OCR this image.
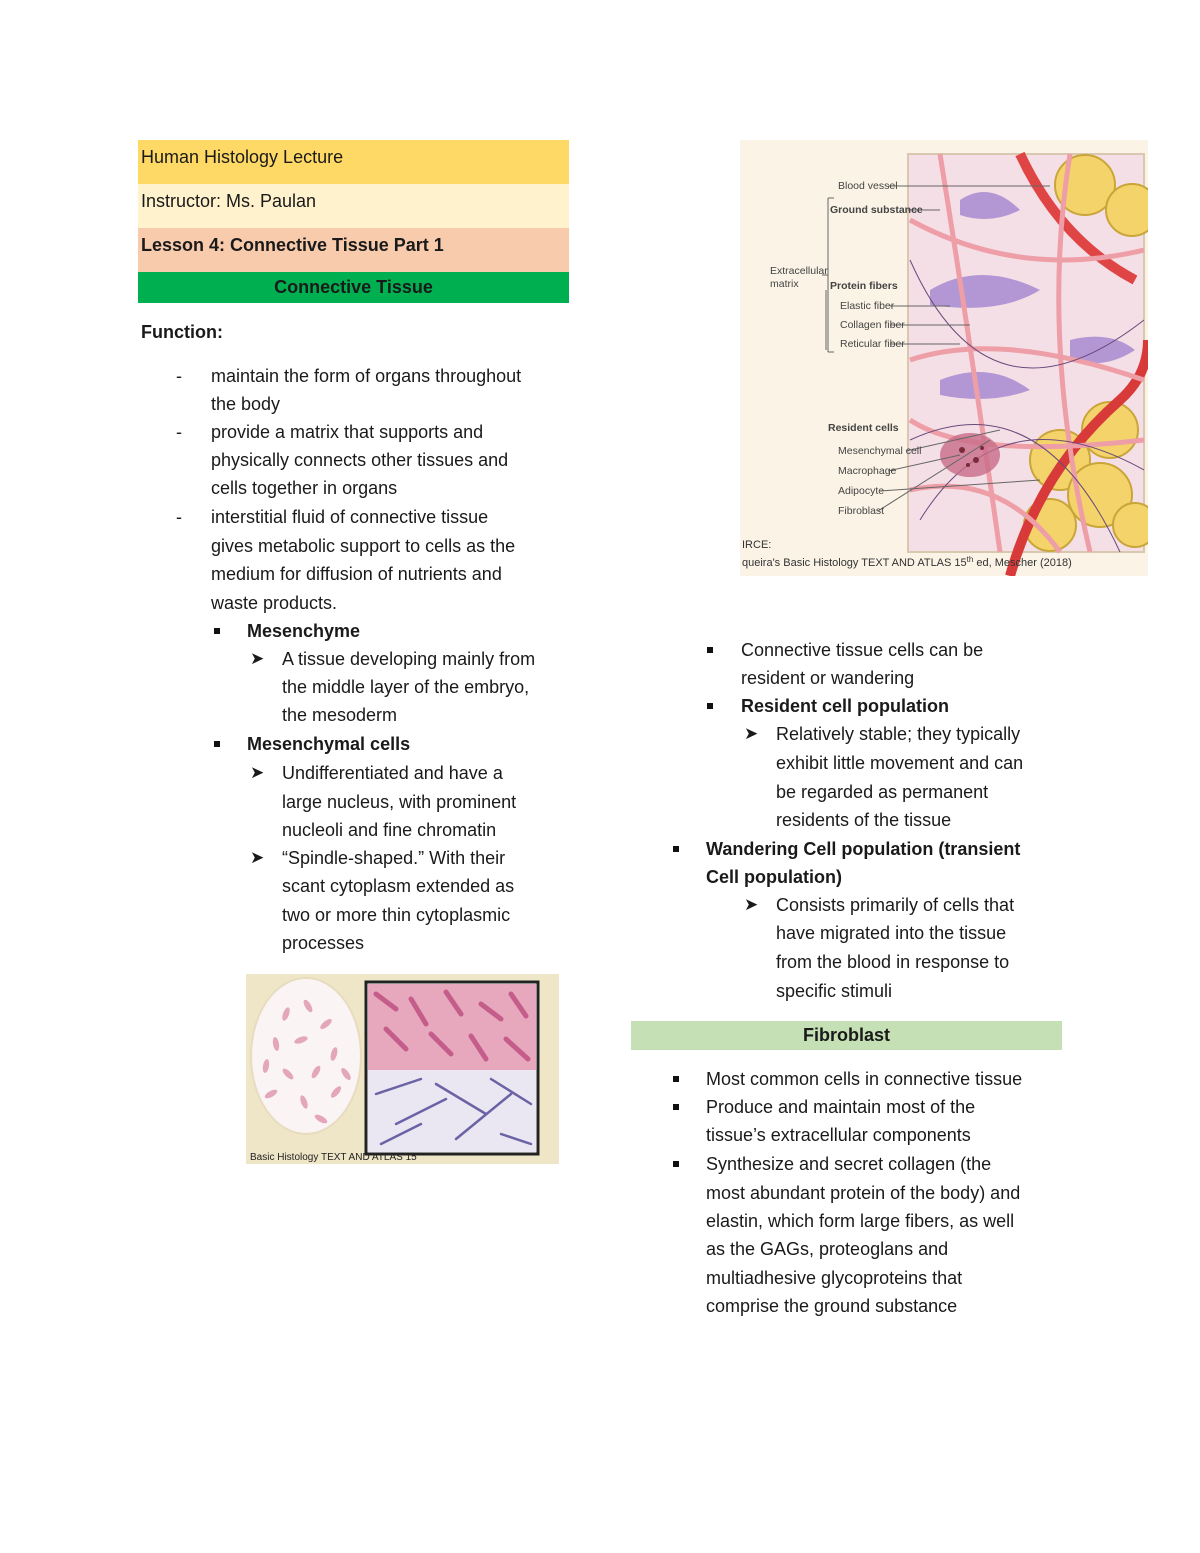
Human Histology Lecture
Instructor: Ms. Paulan
Lesson 4: Connective Tissue Part 1
Connective Tissue
Function:
- maintain the form of organs throughout
the body
- provide a matrix that supports and
physically connects other tissues and
cells together in organs
- interstitial fluid of connective tissue
gives metabolic support to cells as the
medium for diffusion of nutrients and
waste products.
Mesenchyme
➤ A tissue developing mainly from
the middle layer of the embryo,
the mesoderm
Mesenchymal cells
➤ Undifferentiated and have a
large nucleus, with prominent
nucleoli and fine chromatin
➤ “Spindle-shaped.” With their
scant cytoplasm extended as
two or more thin cytoplasmic
processes
Basic Histology TEXT AND ATLAS 15
Blood vessel
Ground substance
Extracellular
matrix	Protein fibers
Elastic fiber
Collagen fiber
Reticular fiber
Resident cells
Mesenchymal cell
Macrophage
Adipocyte
Fibroblast
IRCE:
queira's Basic Histology TEXT AND ATLAS 15th ed, Mescher (2018)
Connective tissue cells can be
resident or wandering
Resident cell population
➤ Relatively stable; they typically
exhibit little movement and can
be regarded as permanent
residents of the tissue
Wandering Cell population (transient
Cell population)
➤ Consists primarily of cells that
have migrated into the tissue
from the blood in response to
specific stimuli
Fibroblast
Most common cells in connective tissue
Produce and maintain most of the
tissue’s extracellular components
Synthesize and secret collagen (the
most abundant protein of the body) and
elastin, which form large fibers, as well
as the GAGs, proteoglans and
multiadhesive glycoproteins that
comprise the ground substance
